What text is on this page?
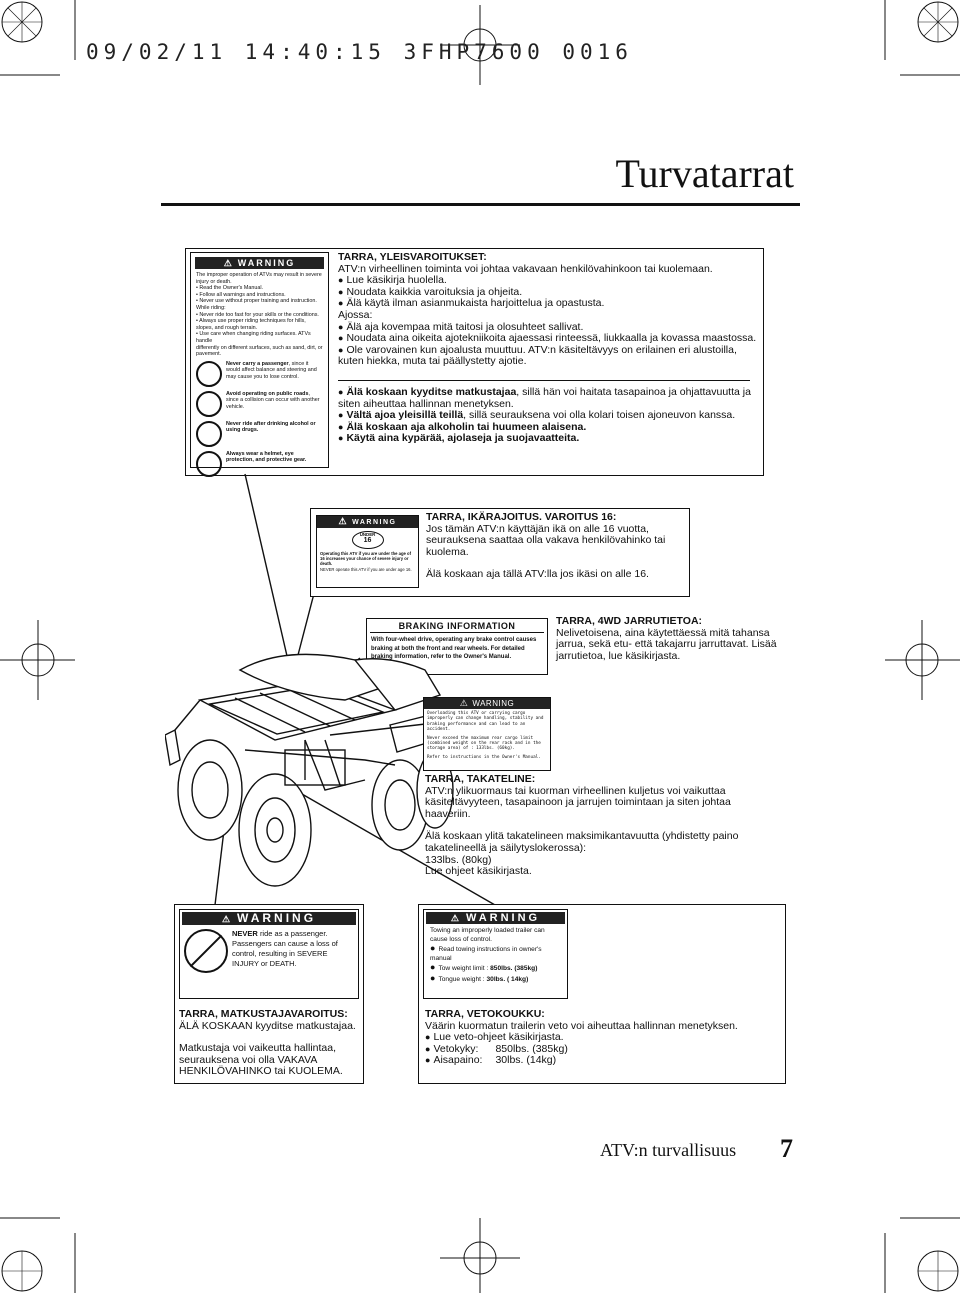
09/02/11 14:40:15 3FHP7600 0016
Turvatarrat
⚠ WARNING
The improper operation of ATVs may result in severe
injury or death.
• Read the Owner's Manual.
• Follow all warnings and instructions.
• Never use without proper training and instruction.
While riding:
• Never ride too fast for your skills or the conditions.
• Always use proper riding techniques for hills,
slopes, and rough terrain.
• Use care when changing riding surfaces. ATVs handle
differently on different surfaces, such as sand, dirt, or
pavement.
Never carry a passenger, since it would affect balance and steering and may cause you to lose control.
Avoid operating on public roads, since a collision can occur with another vehicle.
Never ride after drinking alcohol or using drugs.
Always wear a helmet, eye protection, and protective gear.
TARRA, YLEISVAROITUKSET:
ATV:n virheellinen toiminta voi johtaa vakavaan henkilövahinkoon tai kuolemaan.
● Lue käsikirja huolella.
● Noudata kaikkia varoituksia ja ohjeita.
● Älä käytä ilman asianmukaista harjoittelua ja opastusta.
Ajossa:
● Älä aja kovempaa mitä taitosi ja olosuhteet sallivat.
● Noudata aina oikeita ajotekniikoita ajaessasi rinteessä, liukkaalla ja kovassa maastossa.
● Ole varovainen kun ajoalusta muuttuu. ATV:n käsiteltävyys on erilainen eri alustoilla, kuten hiekka, muta tai päällystetty ajotie.
● Älä koskaan kyyditse matkustajaa, sillä hän voi haitata tasapainoa ja ohjattavuutta ja siten aiheuttaa hallinnan menetyksen.
● Vältä ajoa yleisillä teillä, sillä seurauksena voi olla kolari toisen ajoneuvon kanssa.
● Älä koskaan aja alkoholin tai huumeen alaisena.
● Käytä aina kypärää, ajolaseja ja suojavaatteita.
⚠ WARNING
UNDER
16
Operating this ATV if you are under the age of 16 increases your chance of severe injury or death.
NEVER operate this ATV if you are under age 16.
TARRA, IKÄRAJOITUS. VAROITUS 16:
Jos tämän ATV:n käyttäjän ikä on alle 16 vuotta, seurauksena saattaa olla vakava henkilövahinko tai kuolema.
Älä koskaan aja tällä ATV:lla jos ikäsi on alle 16.
BRAKING INFORMATION
With four-wheel drive, operating any brake control causes braking at both the front and rear wheels. For detailed braking information, refer to the Owner's Manual.
TARRA, 4WD JARRUTIETOA:
Nelivetoisena, aina käytettäessä mitä tahansa jarrua, sekä etu- että takajarru jarruttavat. Lisää jarrutietoa, lue käsikirjasta.
⚠ WARNING
Overloading this ATV or carrying cargo improperly can change handling, stability and braking performance and can lead to an accident.
Never exceed the maximum rear cargo limit (combined weight on the rear rack and in the storage area) of : 133lbs. (60kg).
Refer to instructions in the Owner's Manual.
TARRA, TAKATELINE:
ATV:n ylikuormaus tai kuorman virheellinen kuljetus voi vaikuttaa käsiteltävyyteen, tasapainoon ja jarrujen toimintaan ja siten johtaa haaveriin.
Älä koskaan ylitä takatelineen maksimikantavuutta (yhdistetty paino takatelineellä ja säilytyslokerossa):
133lbs. (80kg)
Lue ohjeet käsikirjasta.
⚠ WARNING
NEVER ride as a passenger.
Passengers can cause a loss of control, resulting in SEVERE INJURY or DEATH.
TARRA, MATKUSTAJAVAROITUS:
ÄLÄ KOSKAAN kyyditse matkustajaa.
Matkustaja voi vaikeutta hallintaa, seurauksena voi olla VAKAVA HENKILÖVAHINKO tai KUOLEMA.
⚠ WARNING
Towing an improperly loaded trailer can cause loss of control.
● Read towing instructions in owner's manual
● Tow weight limit : 850lbs. (385kg)
● Tongue weight : 30lbs. ( 14kg)
TARRA, VETOKOUKKU:
Väärin kuormatun trailerin veto voi aiheuttaa hallinnan menetyksen.
● Lue veto-ohjeet käsikirjasta.
● Vetokyky: 850lbs. (385kg)
● Aisapaino: 30lbs. (14kg)
ATV:n turvallisuus 7
